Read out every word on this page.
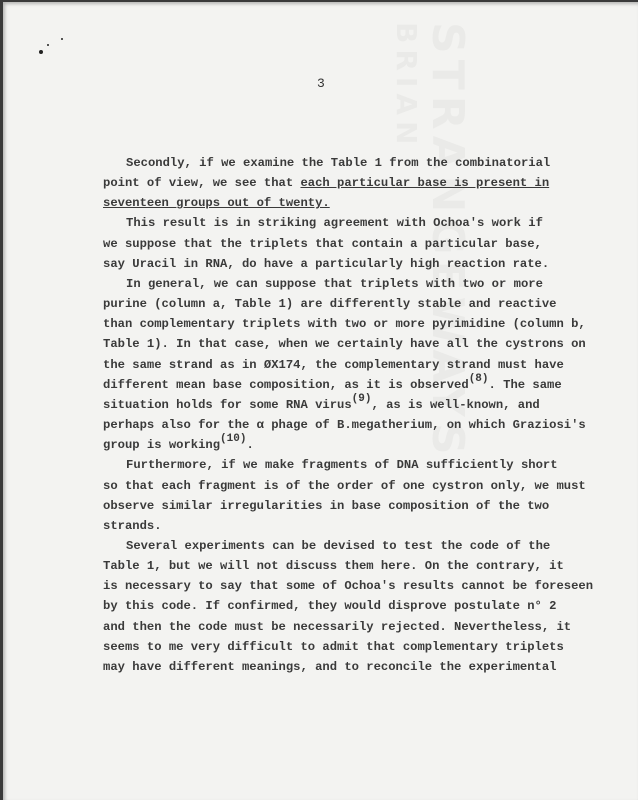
3
Secondly, if we examine the Table 1 from the combinatorial
point of view, we see that each particular base is present in
seventeen groups out of twenty.
This result is in striking agreement with Ochoa's work if
we suppose that the triplets that contain a particular base,
say Uracil in RNA, do have a particularly high reaction rate.
In general, we can suppose that triplets with two or more
purine (column a, Table 1) are differently stable and reactive
than complementary triplets with two or more pyrimidine (column b,
Table 1). In that case, when we certainly have all the cystrons on
the same strand as in ØX174, the complementary strand must have
different mean base composition, as it is observed$^{(8)}$. The same
situation holds for some RNA virus$^{(9)}$, as is well-known, and
perhaps also for the α phage of B.megatherium, on which Graziosi's
group is working$^{(10)}$.
Furthermore, if we make fragments of DNA sufficiently short
so that each fragment is of the order of one cystron only, we must
observe similar irregularities in base composition of the two
strands.
Several experiments can be devised to test the code of the
Table 1, but we will not discuss them here. On the contrary, it
is necessary to say that some of Ochoa's results cannot be foreseen
by this code. If confirmed, they would disprove postulate n° 2
and then the code must be necessarily rejected. Nevertheless, it
seems to me very difficult to admit that complementary triplets
may have different meanings, and to reconcile the experimental
